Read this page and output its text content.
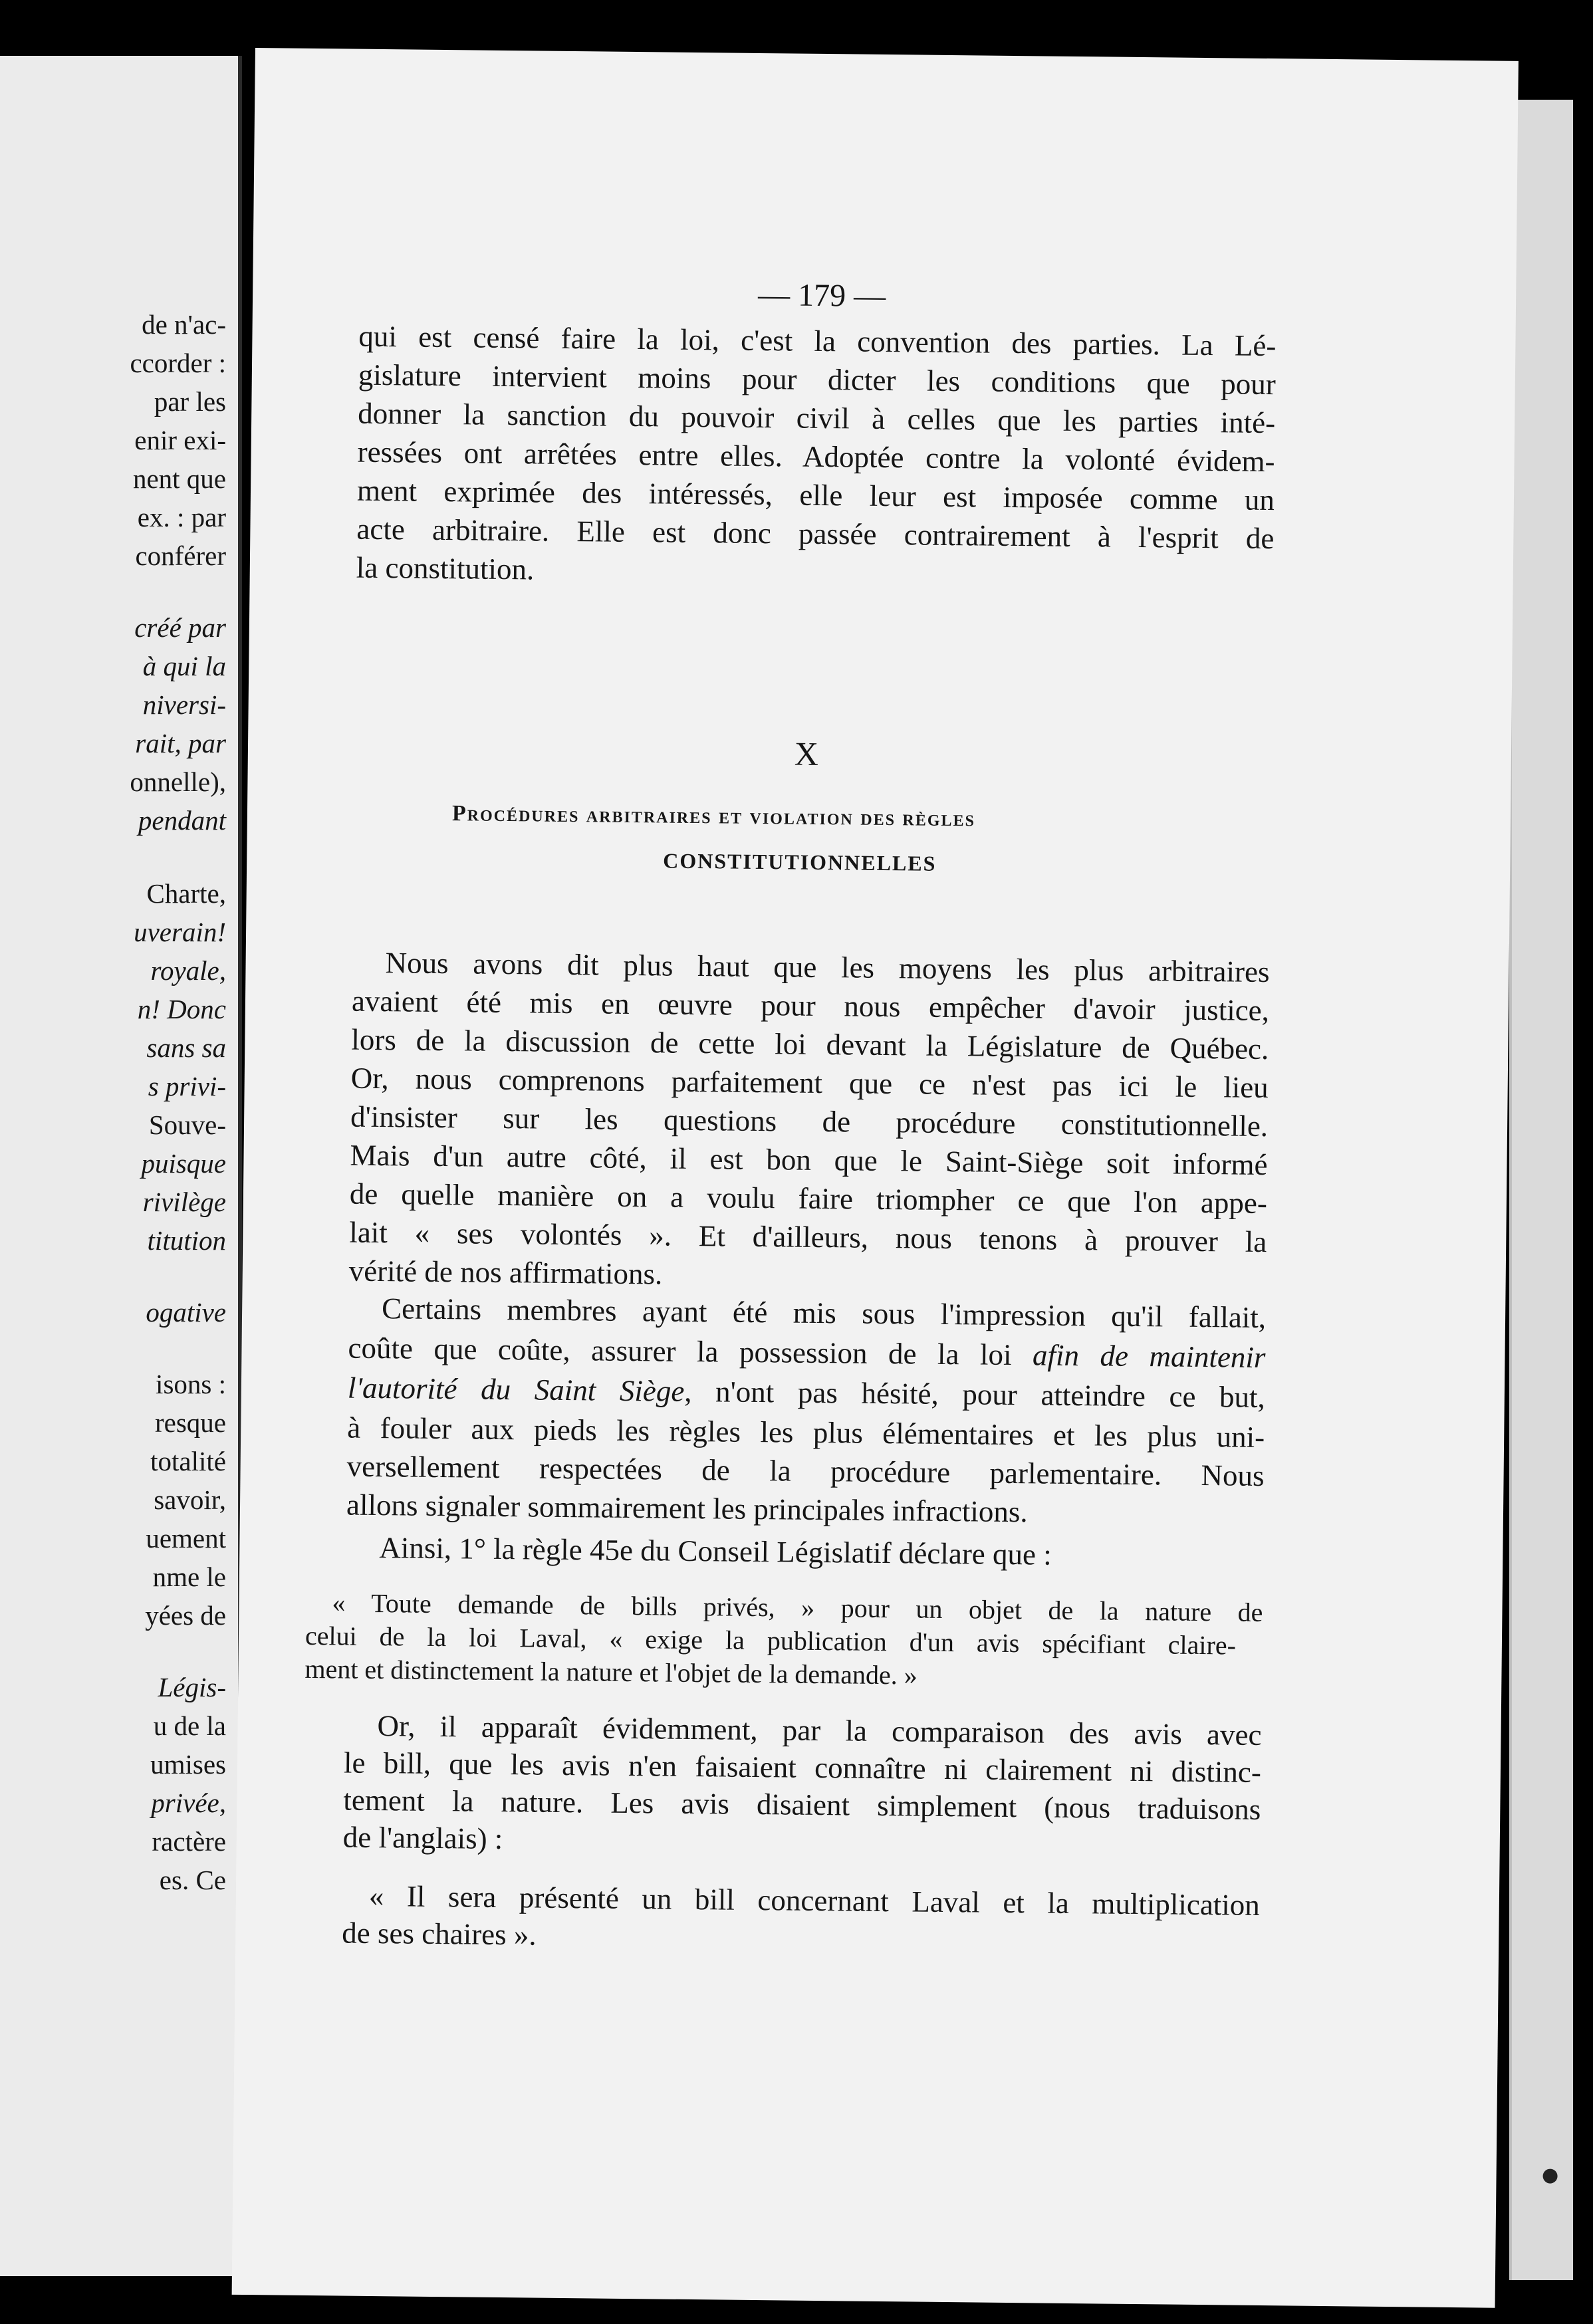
de n'ac-
ccorder :
par les
enir exi-
nent que
ex. : par
conférer
créé par
à qui la
niversi-
rait, par
onnelle),
pendant
Charte,
uverain!
royale,
n! Donc
sans sa
s privi-
Souve-
puisque
rivilège
titution
ogative
isons :
resque
totalité
savoir,
uement
nme le
yées de
Légis-
u de la
umises
privée,
ractère
es. Ce
— 179 —
qui est censé faire la loi, c'est la convention des parties. La Lé-
gislature intervient moins pour dicter les conditions que pour
donner la sanction du pouvoir civil à celles que les parties inté-
ressées ont arrêtées entre elles. Adoptée contre la volonté évidem-
ment exprimée des intéressés, elle leur est imposée comme un
acte arbitraire. Elle est donc passée contrairement à l'esprit de
la constitution.
X
Procédures arbitraires et violation des règles
CONSTITUTIONNELLES
Nous avons dit plus haut que les moyens les plus arbitraires
avaient été mis en œuvre pour nous empêcher d'avoir justice,
lors de la discussion de cette loi devant la Législature de Québec.
Or, nous comprenons parfaitement que ce n'est pas ici le lieu
d'insister sur les questions de procédure constitutionnelle.
Mais d'un autre côté, il est bon que le Saint-Siège soit informé
de quelle manière on a voulu faire triompher ce que l'on appe-
lait « ses volontés ». Et d'ailleurs, nous tenons à prouver la
vérité de nos affirmations.
Certains membres ayant été mis sous l'impression qu'il fallait,
coûte que coûte, assurer la possession de la loi afin de maintenir
l'autorité du Saint Siège, n'ont pas hésité, pour atteindre ce but,
à fouler aux pieds les règles les plus élémentaires et les plus uni-
versellement respectées de la procédure parlementaire. Nous
allons signaler sommairement les principales infractions.
Ainsi, 1° la règle 45e du Conseil Législatif déclare que :
« Toute demande de bills privés, » pour un objet de la nature de
celui de la loi Laval, « exige la publication d'un avis spécifiant claire-
ment et distinctement la nature et l'objet de la demande. »
Or, il apparaît évidemment, par la comparaison des avis avec
le bill, que les avis n'en faisaient connaître ni clairement ni distinc-
tement la nature. Les avis disaient simplement (nous traduisons
de l'anglais) :
« Il sera présenté un bill concernant Laval et la multiplication
de ses chaires ».
